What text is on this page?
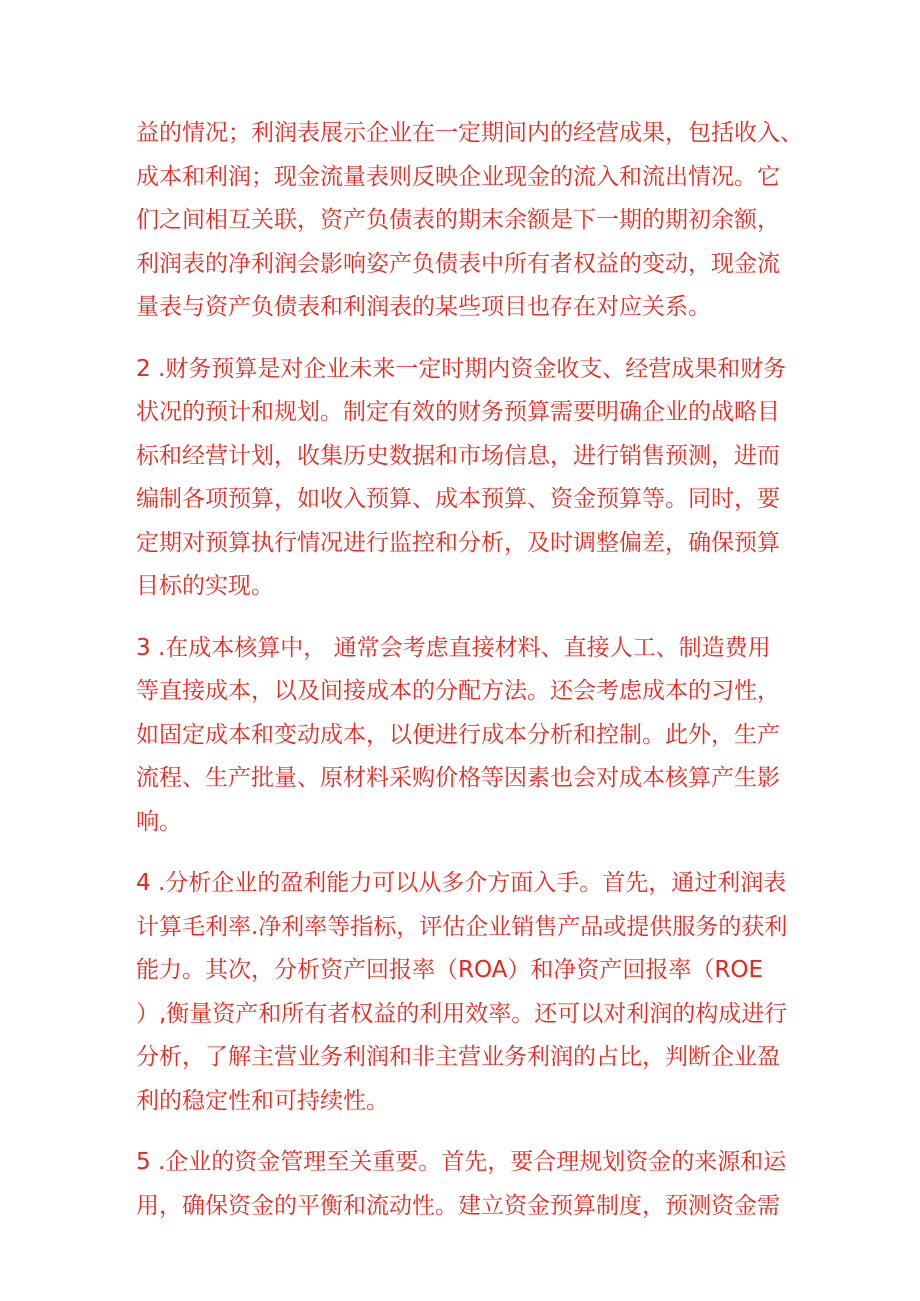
益的情况；利润表展示企业在一定期间内的经营成果，包括收入、
成本和利润；现金流量表则反映企业现金的流入和流出情况。它
们之间相互关联，资产负债表的期末余额是下一期的期初余额，
利润表的净利润会影响姿产负债表中所有者权益的变动，现金流
量表与资产负债表和利润表的某些项目也存在对应关系。
2 .财务预算是对企业未来一定时期内资金收支、经营成果和财务
状况的预计和规划。制定有效的财务预算需要明确企业的战略目
标和经营计划，收集历史数据和市场信息，进行销售预测，进而
编制各项预算，如收入预算、成本预算、资金预算等。同时，要
定期对预算执行情况进行监控和分析，及时调整偏差，确保预算
目标的实现。
3 .在成本核算中， 通常会考虑直接材料、直接人工、制造费用
等直接成本，以及间接成本的分配方法。还会考虑成本的习性，
如固定成本和变动成本，以便进行成本分析和控制。此外，生产
流程、生产批量、原材料采购价格等因素也会对成本核算产生影
响。
4 .分析企业的盈利能力可以从多介方面入手。首先，通过利润表
计算毛利率.净利率等指标，评估企业销售产品或提供服务的获利
能力。其次，分析资产回报率（ROA）和净资产回报率（ROE
）,衡量资产和所有者权益的利用效率。还可以对利润的构成进行
分析，了解主营业务利润和非主营业务利润的占比，判断企业盈
利的稳定性和可持续性。
5 .企业的资金管理至关重要。首先，要合理规划资金的来源和运
用，确保资金的平衡和流动性。建立资金预算制度，预测资金需
